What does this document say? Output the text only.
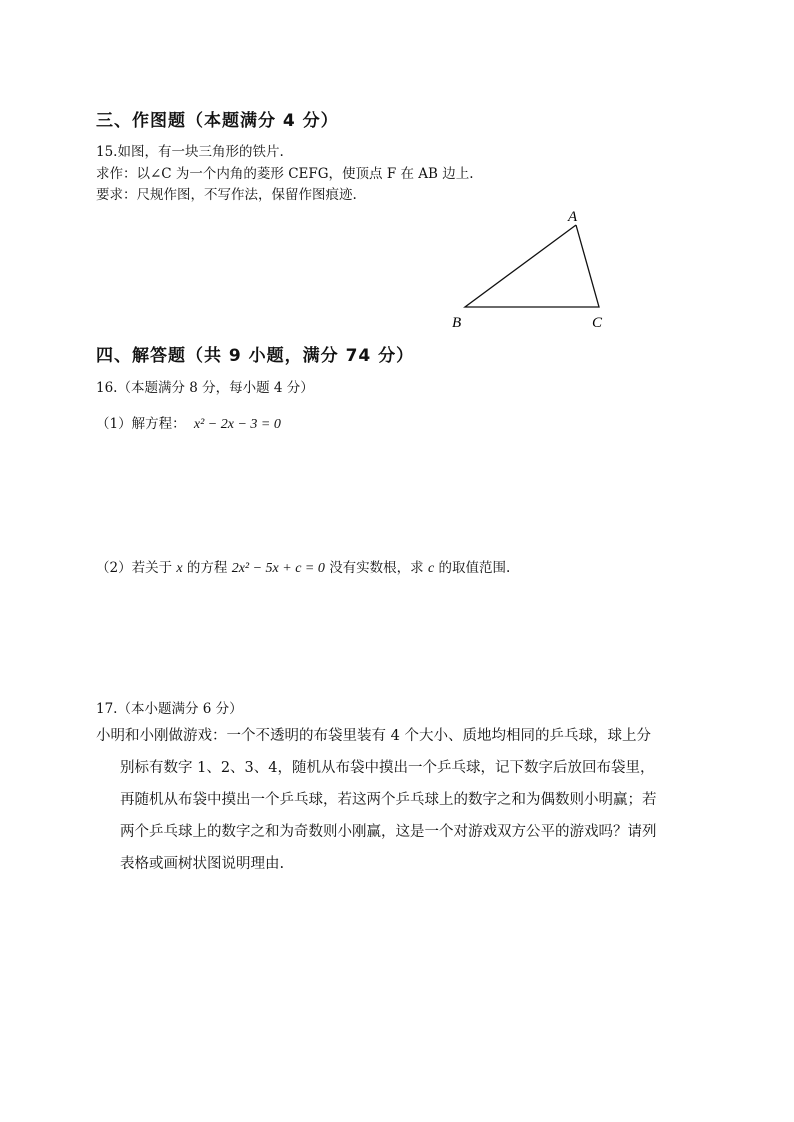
三、作图题（本题满分 4 分）
15.如图，有一块三角形的铁片.
求作：以∠C 为一个内角的菱形 CEFG，使顶点 F 在 AB 边上.
要求：尺规作图，不写作法，保留作图痕迹.
A
B	C
四、解答题（共 9 小题，满分 74 分）
16.（本题满分 8 分，每小题 4 分）
（1）解方程： x² − 2x − 3 = 0
（2）若关于 x 的方程 2x² − 5x + c = 0 没有实数根，求 c 的取值范围.
17.（本小题满分 6 分）
小明和小刚做游戏：一个不透明的布袋里装有 4 个大小、质地均相同的乒乓球，球上分
别标有数字 1、2、3、4，随机从布袋中摸出一个乒乓球，记下数字后放回布袋里，
再随机从布袋中摸出一个乒乓球，若这两个乒乓球上的数字之和为偶数则小明赢；若
两个乒乓球上的数字之和为奇数则小刚赢，这是一个对游戏双方公平的游戏吗？请列
表格或画树状图说明理由.
